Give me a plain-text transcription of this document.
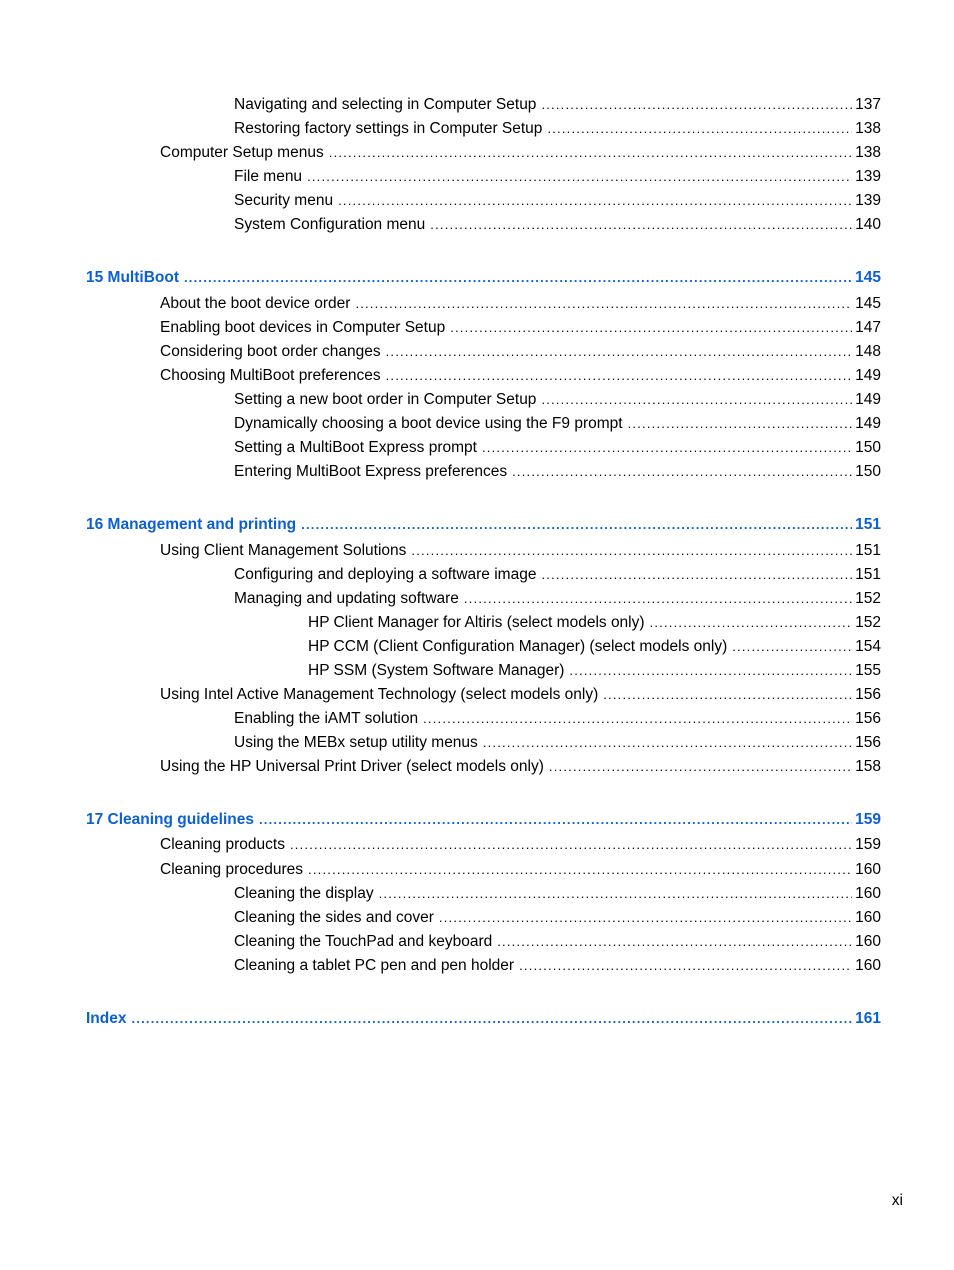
Navigating and selecting in Computer Setup .....	137
Restoring factory settings in Computer Setup .....	138
Computer Setup menus .....	138
File menu .....	139
Security menu .....	139
System Configuration menu .....	140
15 MultiBoot .....	145
About the boot device order .....	145
Enabling boot devices in Computer Setup .....	147
Considering boot order changes .....	148
Choosing MultiBoot preferences .....	149
Setting a new boot order in Computer Setup .....	149
Dynamically choosing a boot device using the F9 prompt .....	149
Setting a MultiBoot Express prompt .....	150
Entering MultiBoot Express preferences .....	150
16 Management and printing .....	151
Using Client Management Solutions .....	151
Configuring and deploying a software image .....	151
Managing and updating software .....	152
HP Client Manager for Altiris (select models only) .....	152
HP CCM (Client Configuration Manager) (select models only) .....	154
HP SSM (System Software Manager) .....	155
Using Intel Active Management Technology (select models only) .....	156
Enabling the iAMT solution .....	156
Using the MEBx setup utility menus .....	156
Using the HP Universal Print Driver (select models only) .....	158
17 Cleaning guidelines .....	159
Cleaning products .....	159
Cleaning procedures .....	160
Cleaning the display .....	160
Cleaning the sides and cover .....	160
Cleaning the TouchPad and keyboard .....	160
Cleaning a tablet PC pen and pen holder .....	160
Index .....	161
xi
